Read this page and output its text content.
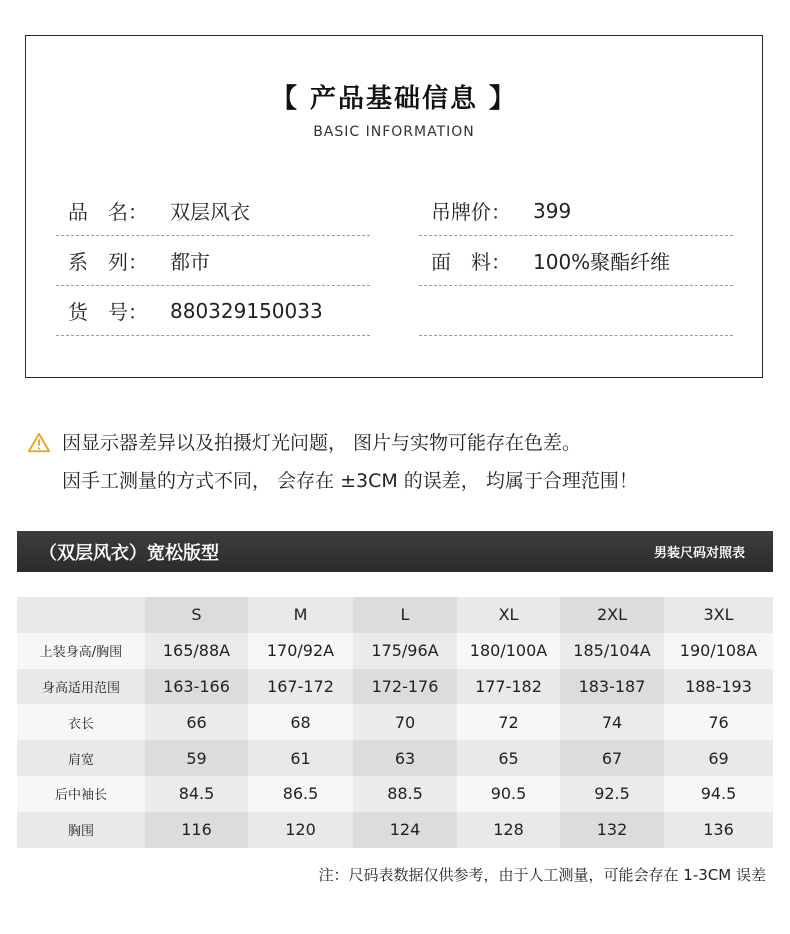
【 产品基础信息 】
BASIC INFORMATION
品　名：	双层风衣
系　列：	都市
货　号：	880329150033
吊牌价：	399
面　料：	100%聚酯纤维
因显示器差异以及拍摄灯光问题， 图片与实物可能存在色差。
因手工测量的方式不同， 会存在 ±3CM 的误差， 均属于合理范围！
（双层风衣）宽松版型	男装尺码对照表
	S	M	L	XL	2XL	3XL
上装身高/胸围	165/88A	170/92A	175/96A	180/100A	185/104A	190/108A
身高适用范围	163-166	167-172	172-176	177-182	183-187	188-193
衣长	66	68	70	72	74	76
肩宽	59	61	63	65	67	69
后中袖长	84.5	86.5	88.5	90.5	92.5	94.5
胸围	116	120	124	128	132	136
注：尺码表数据仅供参考，由于人工测量，可能会存在 1-3CM 误差
